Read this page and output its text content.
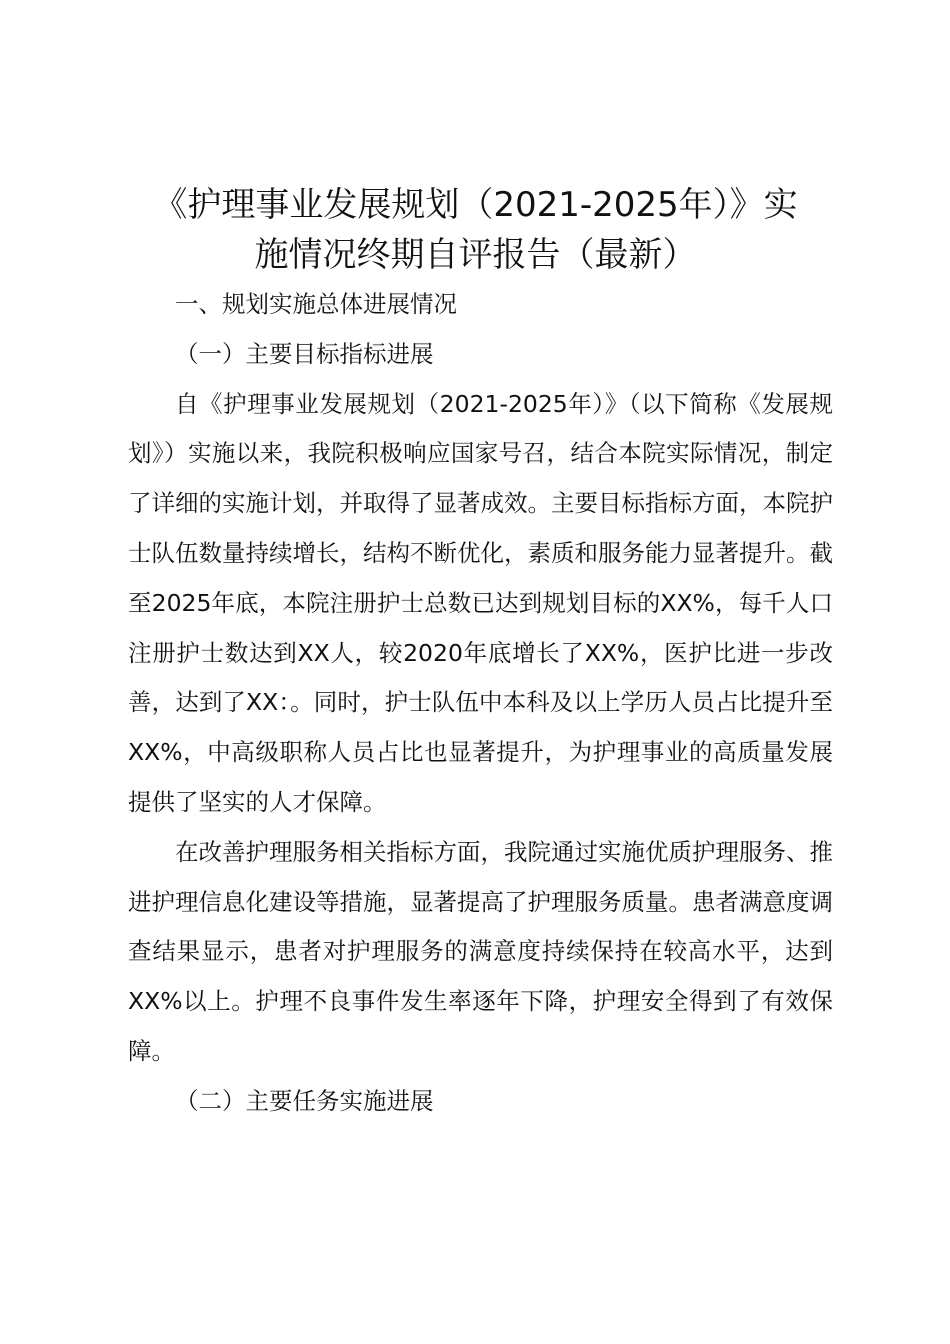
《护理事业发展规划（2021-2025年）》实
施情况终期自评报告（最新）

一、规划实施总体进展情况

（一）主要目标指标进展

自《护理事业发展规划（2021-2025年）》（以下简称《发展规划》）实施以来，我院积极响应国家号召，结合本院实际情况，制定了详细的实施计划，并取得了显著成效。主要目标指标方面，本院护士队伍数量持续增长，结构不断优化，素质和服务能力显著提升。截至2025年底，本院注册护士总数已达到规划目标的XX%，每千人口注册护士数达到XX人，较2020年底增长了XX%，医护比进一步改善，达到了XX：。同时，护士队伍中本科及以上学历人员占比提升至XX%，中高级职称人员占比也显著提升，为护理事业的高质量发展提供了坚实的人才保障。

在改善护理服务相关指标方面，我院通过实施优质护理服务、推进护理信息化建设等措施，显著提高了护理服务质量。患者满意度调查结果显示，患者对护理服务的满意度持续保持在较高水平，达到XX%以上。护理不良事件发生率逐年下降，护理安全得到了有效保障。

（二）主要任务实施进展
